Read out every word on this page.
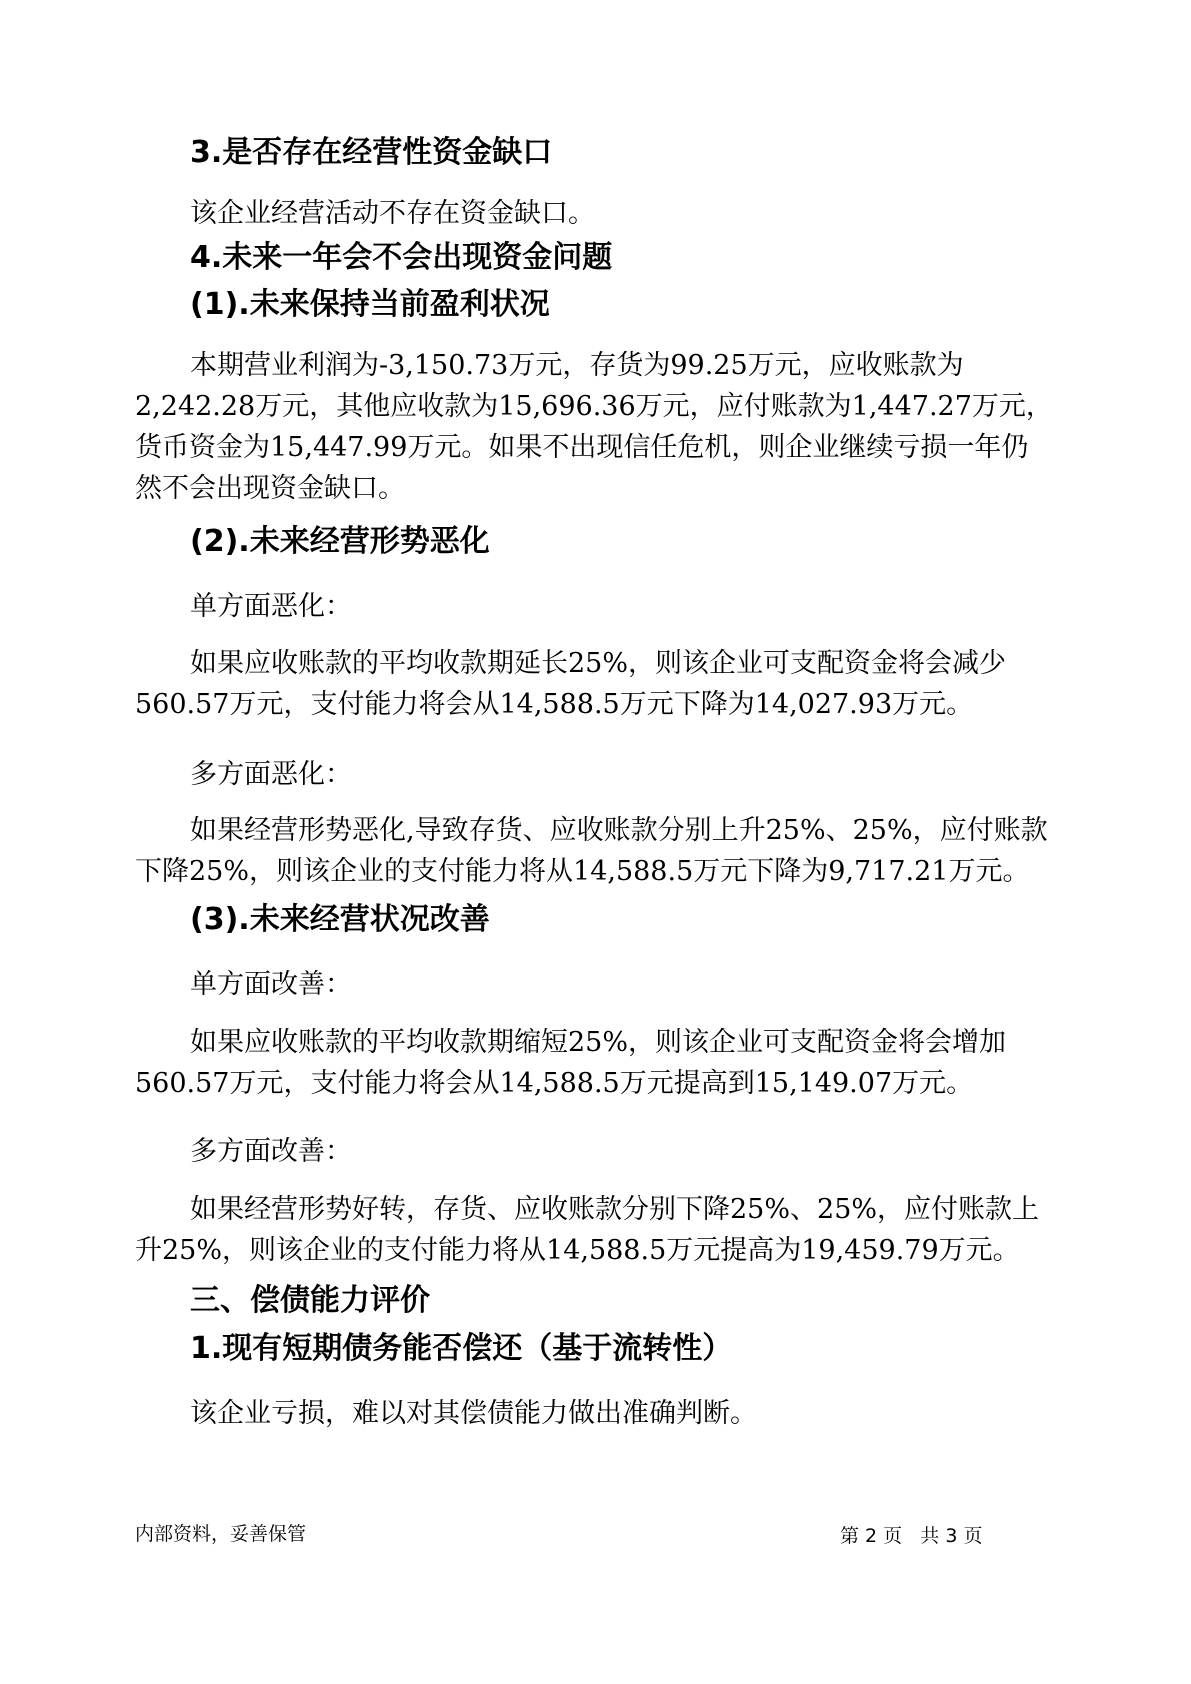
3.是否存在经营性资金缺口

该企业经营活动不存在资金缺口。

4.未来一年会不会出现资金问题
(1).未来保持当前盈利状况
本期营业利润为-3,150.73万元，存货为99.25万元，应收账款为
2,242.28万元，其他应收款为15,696.36万元，应付账款为1,447.27万元，
货币资金为15,447.99万元。如果不出现信任危机，则企业继续亏损一年仍
然不会出现资金缺口。
(2).未来经营形势恶化

单方面恶化：

如果应收账款的平均收款期延长25%，则该企业可支配资金将会减少
560.57万元，支付能力将会从14,588.5万元下降为14,027.93万元。

多方面恶化：

如果经营形势恶化,导致存货、应收账款分别上升25%、25%，应付账款
下降25%，则该企业的支付能力将从14,588.5万元下降为9,717.21万元。
(3).未来经营状况改善

单方面改善：

如果应收账款的平均收款期缩短25%，则该企业可支配资金将会增加
560.57万元，支付能力将会从14,588.5万元提高到15,149.07万元。

多方面改善：

如果经营形势好转，存货、应收账款分别下降25%、25%，应付账款上
升25%，则该企业的支付能力将从14,588.5万元提高为19,459.79万元。
三、偿债能力评价
1.现有短期债务能否偿还（基于流转性）

该企业亏损，难以对其偿债能力做出准确判断。

内部资料，妥善保管	第 2 页   共 3 页
